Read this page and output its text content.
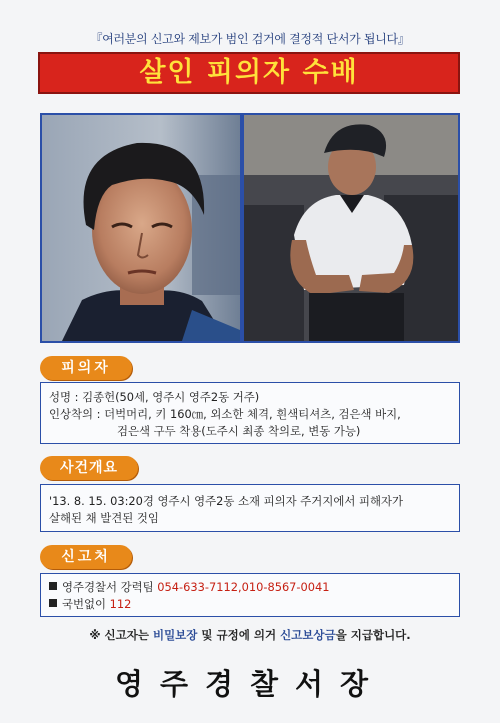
『여러분의 신고와 제보가 범인 검거에 결정적 단서가 됩니다』
살인 피의자 수배
피의자
성명 : 김종헌(50세, 영주시 영주2동 거주)
인상착의 : 더벅머리, 키 160㎝, 외소한 체격, 흰색티셔츠, 검은색 바지,
검은색 구두 착용(도주시 최종 착의로, 변동 가능)
사건개요
'13. 8. 15. 03:20경 영주시 영주2동 소재 피의자 주거지에서 피해자가
살해된 채 발견된 것임
신고처
영주경찰서 강력팀 054-633-7112,010-8567-0041
국번없이 112
※ 신고자는 비밀보장 및 규정에 의거 신고보상금을 지급합니다.
영주경찰서장
